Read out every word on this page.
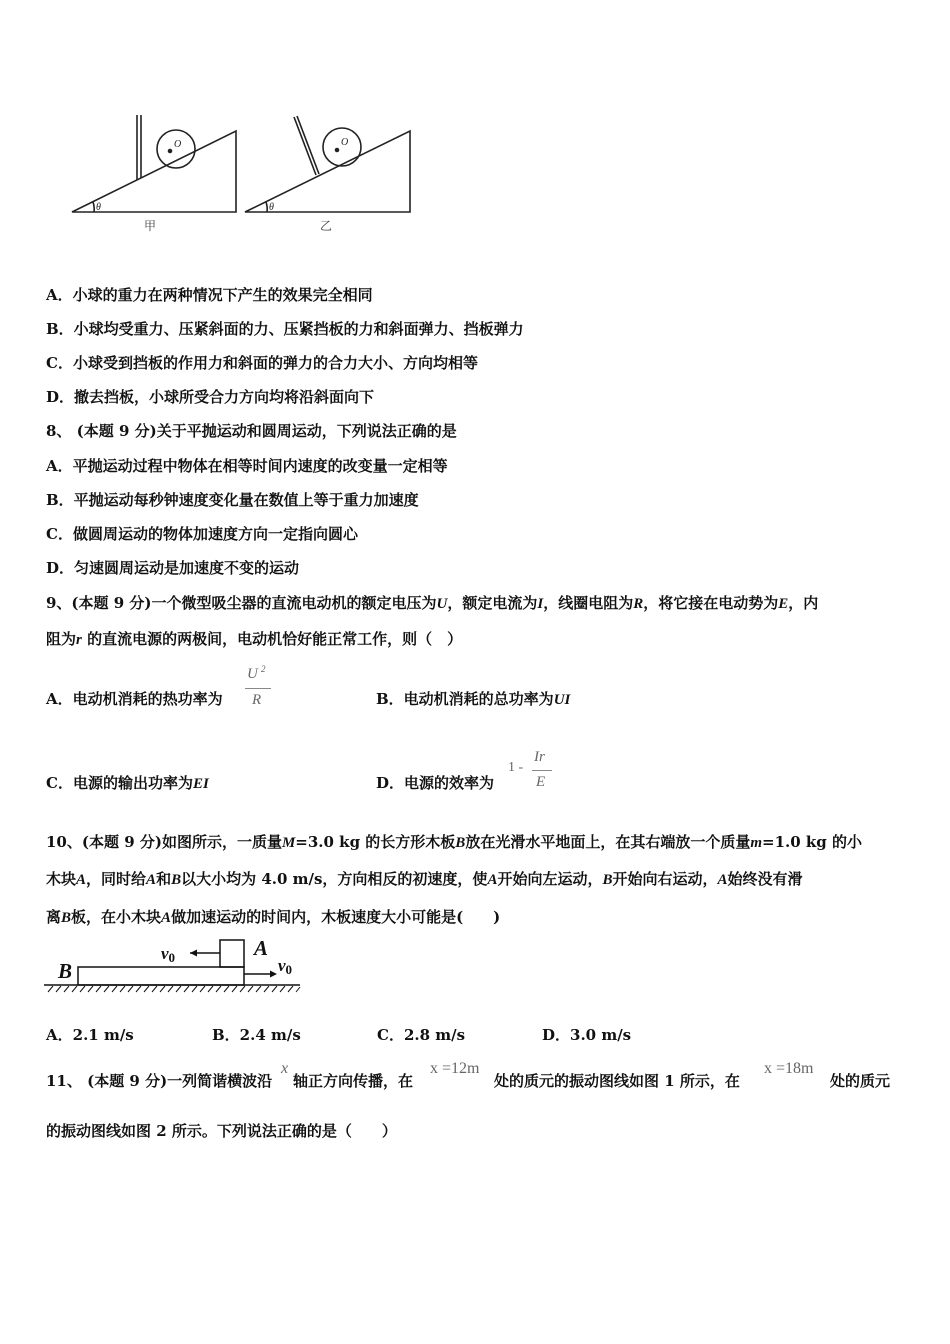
O
θ
甲
O
θ
乙
A．小球的重力在两种情况下产生的效果完全相同
B．小球均受重力、压紧斜面的力、压紧挡板的力和斜面弹力、挡板弹力
C．小球受到挡板的作用力和斜面的弹力的合力大小、方向均相等
D．撤去挡板，小球所受合力方向均将沿斜面向下
8、 (本题 9 分)关于平抛运动和圆周运动，下列说法正确的是
A．平抛运动过程中物体在相等时间内速度的改变量一定相等
B．平抛运动每秒钟速度变化量在数值上等于重力加速度
C．做圆周运动的物体加速度方向一定指向圆心
D．匀速圆周运动是加速度不变的运动
9、(本题 9 分)一个微型吸尘器的直流电动机的额定电压为U，额定电流为I，线圈电阻为R，将它接在电动势为E，内
阻为r 的直流电源的两极间，电动机恰好能正常工作，则（　）
A．电动机消耗的热功率为
U 2
R	B．电动机消耗的总功率为UI
C．电源的输出功率为EI	D．电源的效率为
1 -
Ir
E
10、(本题 9 分)如图所示，一质量M=3.0 kg 的长方形木板B放在光滑水平地面上，在其右端放一个质量m=1.0 kg 的小
木块A，同时给A和B以大小均为 4.0 m/s，方向相反的初速度，使A开始向左运动，B开始向右运动，A始终没有滑
离B板，在小木块A做加速运动的时间内，木板速度大小可能是(　　)
B
A
v0	v0
A．2.1 m/s	B．2.4 m/s	C．2.8 m/s	D．3.0 m/s
11、 (本题 9 分)一列简谐横波沿
x
轴正方向传播，在
x =12m
处的质元的振动图线如图 1 所示，在
x =18m
处的质元
的振动图线如图 2 所示。下列说法正确的是（　　）
